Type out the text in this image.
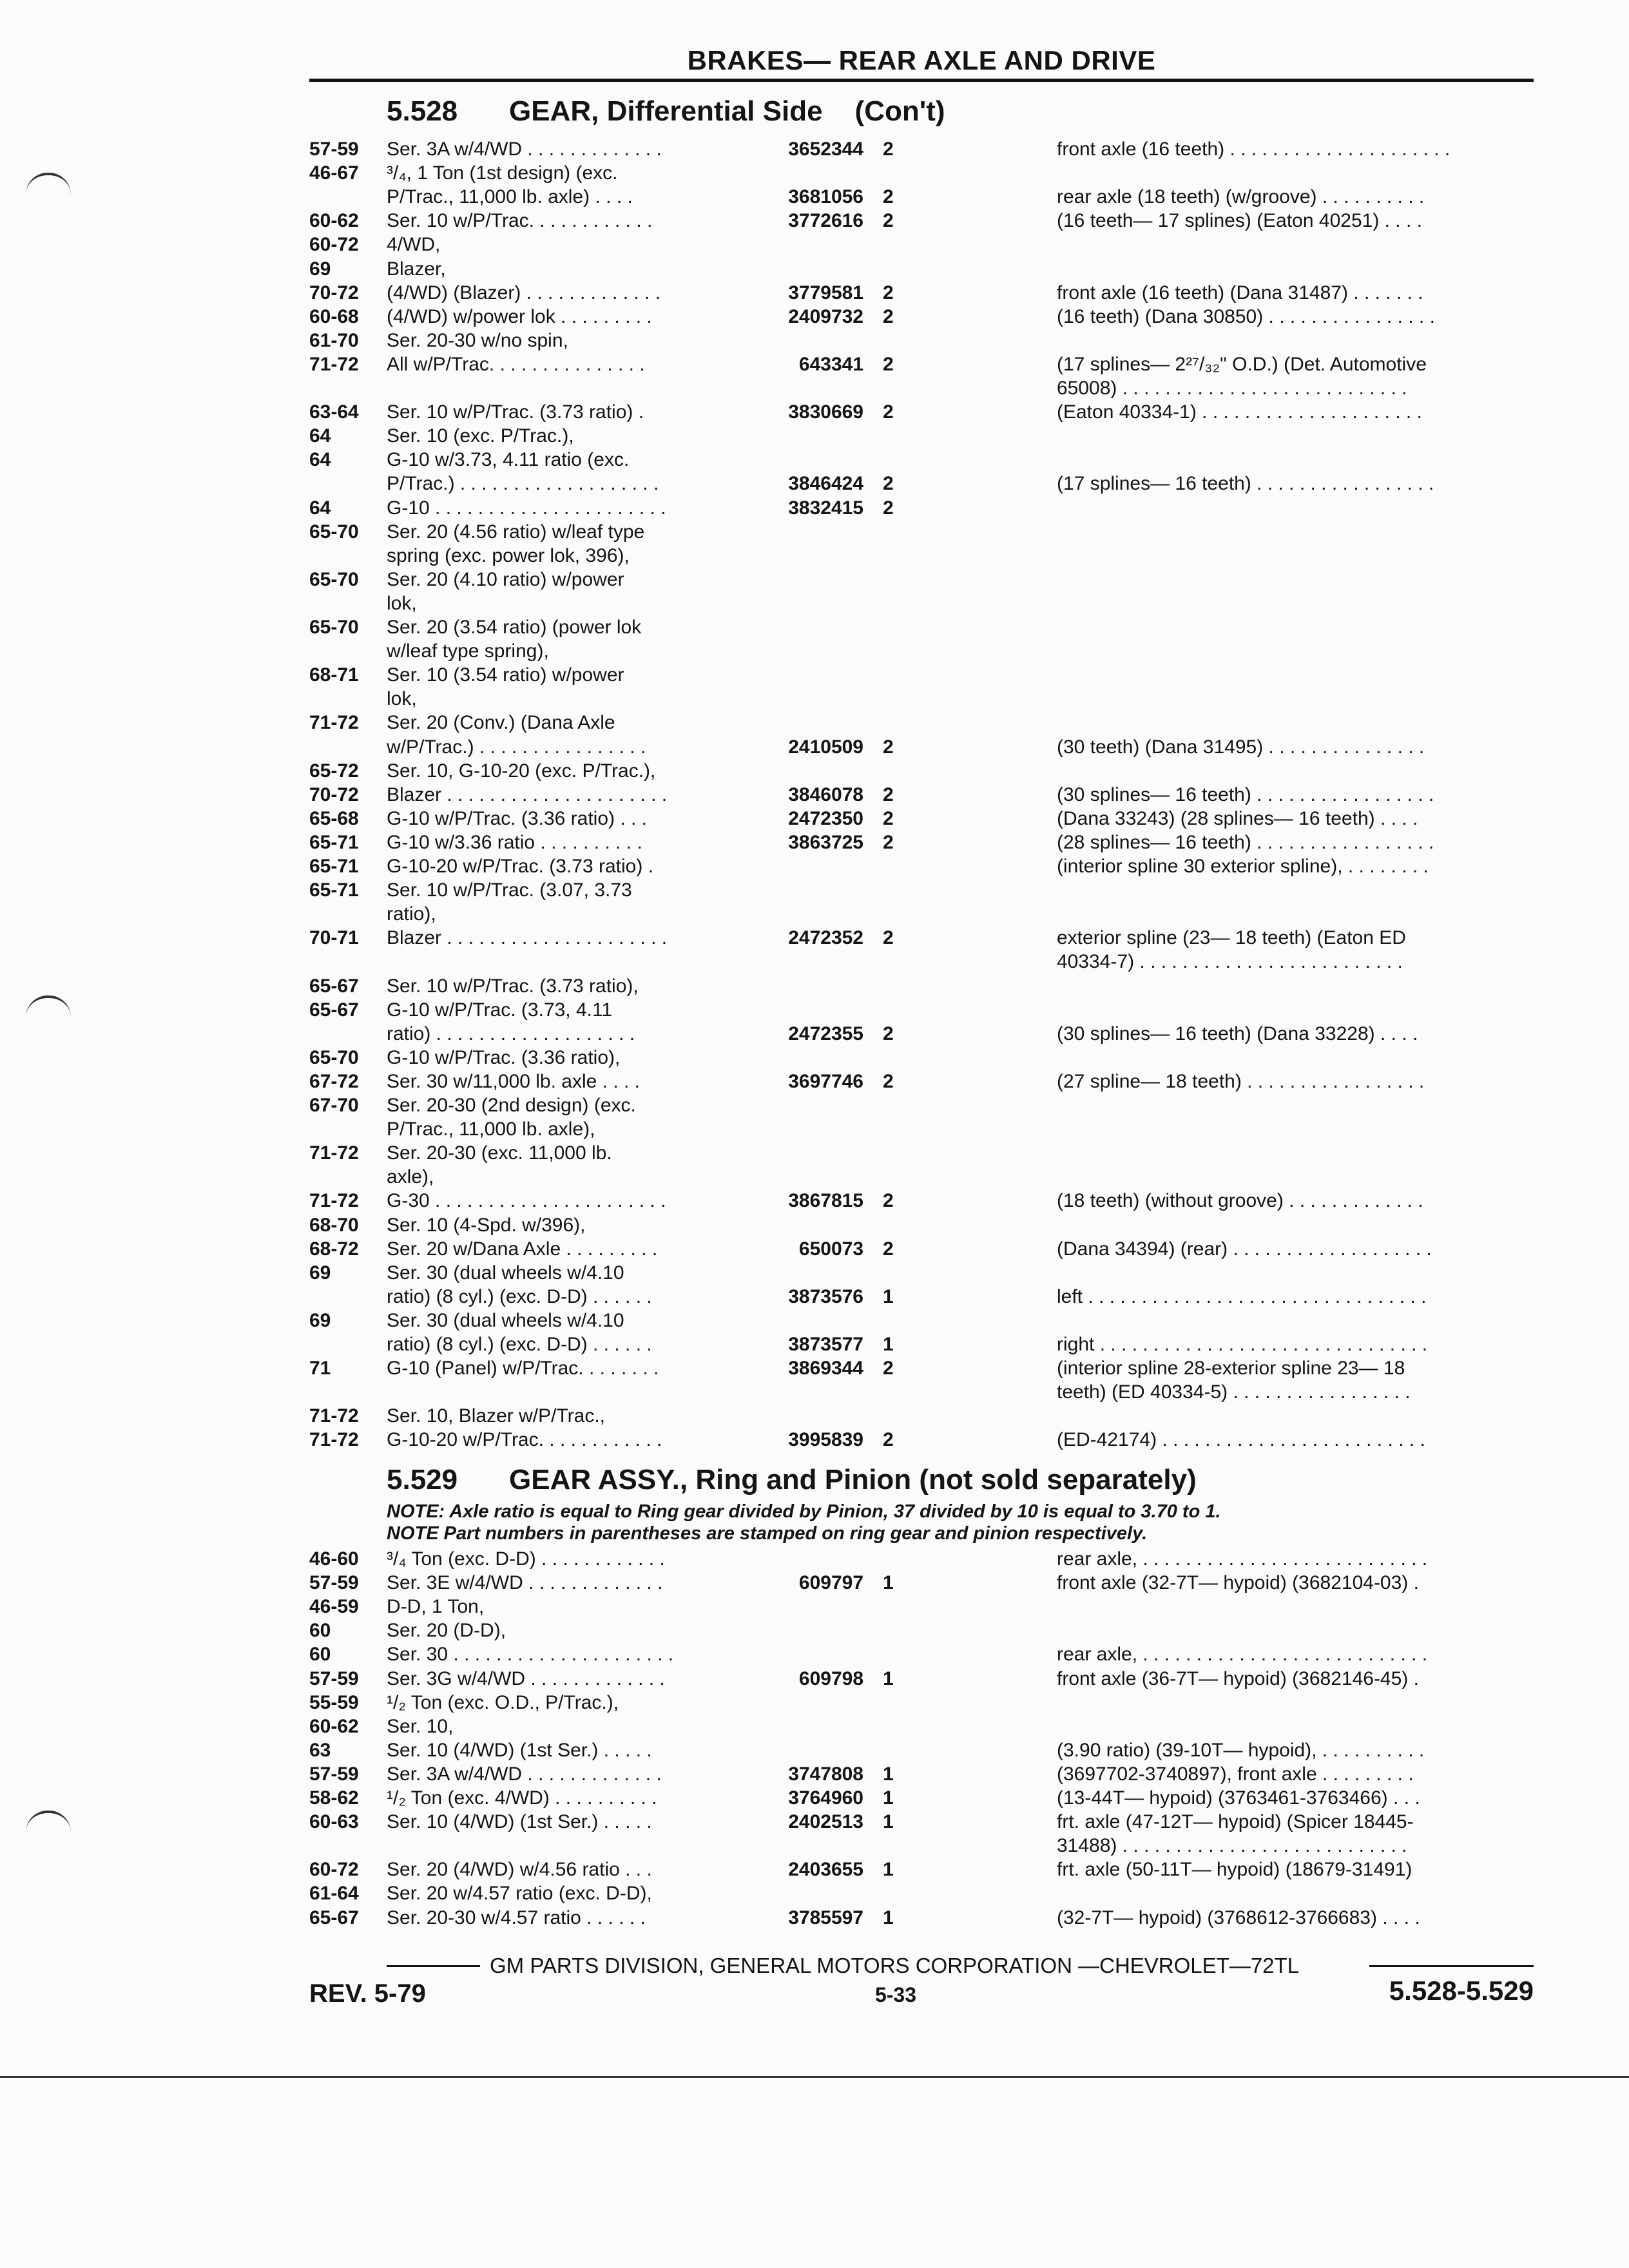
BRAKES— REAR AXLE AND DRIVE
5.528 GEAR, Differential Side (Con't)
57-59	Ser. 3A w/4/WD . . . . . . . . . . . . .	3652344 2	front axle (16 teeth) . . . . . . . . . . . . . . . . . . . . .
46-67	³/₄, 1 Ton (1st design) (exc.
P/Trac., 11,000 lb. axle) . . . .	3681056 2	rear axle (18 teeth) (w/groove) . . . . . . . . . .
60-62	Ser. 10 w/P/Trac. . . . . . . . . . . .	3772616 2	(16 teeth— 17 splines) (Eaton 40251) . . . .
60-72	4/WD,
69	Blazer,
70-72	(4/WD) (Blazer) . . . . . . . . . . . . .	3779581 2	front axle (16 teeth) (Dana 31487) . . . . . . .
60-68	(4/WD) w/power lok . . . . . . . . .	2409732 2	(16 teeth) (Dana 30850) . . . . . . . . . . . . . . . .
61-70	Ser. 20-30 w/no spin,
71-72	All w/P/Trac. . . . . . . . . . . . . . .	643341 2	(17 splines— 2²⁷/₃₂" O.D.) (Det. Automotive
65008) . . . . . . . . . . . . . . . . . . . . . . . . . . .
63-64	Ser. 10 w/P/Trac. (3.73 ratio) .	3830669 2	(Eaton 40334-1) . . . . . . . . . . . . . . . . . . . . .
64	Ser. 10 (exc. P/Trac.),
64	G-10 w/3.73, 4.11 ratio (exc.
P/Trac.) . . . . . . . . . . . . . . . . . . .	3846424 2	(17 splines— 16 teeth) . . . . . . . . . . . . . . . . .
64	G-10 . . . . . . . . . . . . . . . . . . . . . .	3832415 2
65-70	Ser. 20 (4.56 ratio) w/leaf type
spring (exc. power lok, 396),
65-70	Ser. 20 (4.10 ratio) w/power
lok,
65-70	Ser. 20 (3.54 ratio) (power lok
w/leaf type spring),
68-71	Ser. 10 (3.54 ratio) w/power
lok,
71-72	Ser. 20 (Conv.) (Dana Axle
w/P/Trac.) . . . . . . . . . . . . . . . .	2410509 2	(30 teeth) (Dana 31495) . . . . . . . . . . . . . . .
65-72	Ser. 10, G-10-20 (exc. P/Trac.),
70-72	Blazer . . . . . . . . . . . . . . . . . . . . .	3846078 2	(30 splines— 16 teeth) . . . . . . . . . . . . . . . . .
65-68	G-10 w/P/Trac. (3.36 ratio) . . .	2472350 2	(Dana 33243) (28 splines— 16 teeth) . . . .
65-71	G-10 w/3.36 ratio . . . . . . . . . .	3863725 2	(28 splines— 16 teeth) . . . . . . . . . . . . . . . . .
65-71	G-10-20 w/P/Trac. (3.73 ratio) .	(interior spline 30 exterior spline), . . . . . . . .
65-71	Ser. 10 w/P/Trac. (3.07, 3.73
ratio),
70-71	Blazer . . . . . . . . . . . . . . . . . . . . .	2472352 2	exterior spline (23— 18 teeth) (Eaton ED
40334-7) . . . . . . . . . . . . . . . . . . . . . . . . .
65-67	Ser. 10 w/P/Trac. (3.73 ratio),
65-67	G-10 w/P/Trac. (3.73, 4.11
ratio) . . . . . . . . . . . . . . . . . . .	2472355 2	(30 splines— 16 teeth) (Dana 33228) . . . .
65-70	G-10 w/P/Trac. (3.36 ratio),
67-72	Ser. 30 w/11,000 lb. axle . . . .	3697746 2	(27 spline— 18 teeth) . . . . . . . . . . . . . . . . .
67-70	Ser. 20-30 (2nd design) (exc.
P/Trac., 11,000 lb. axle),
71-72	Ser. 20-30 (exc. 11,000 lb.
axle),
71-72	G-30 . . . . . . . . . . . . . . . . . . . . . .	3867815 2	(18 teeth) (without groove) . . . . . . . . . . . . .
68-70	Ser. 10 (4-Spd. w/396),
68-72	Ser. 20 w/Dana Axle . . . . . . . . .	650073 2	(Dana 34394) (rear) . . . . . . . . . . . . . . . . . . .
69	Ser. 30 (dual wheels w/4.10
ratio) (8 cyl.) (exc. D-D) . . . . . .	3873576 1	left . . . . . . . . . . . . . . . . . . . . . . . . . . . . . . . .
69	Ser. 30 (dual wheels w/4.10
ratio) (8 cyl.) (exc. D-D) . . . . . .	3873577 1	right . . . . . . . . . . . . . . . . . . . . . . . . . . . . . . .
71	G-10 (Panel) w/P/Trac. . . . . . . .	3869344 2	(interior spline 28-exterior spline 23— 18
teeth) (ED 40334-5) . . . . . . . . . . . . . . . . .
71-72	Ser. 10, Blazer w/P/Trac.,
71-72	G-10-20 w/P/Trac. . . . . . . . . . . .	3995839 2	(ED-42174) . . . . . . . . . . . . . . . . . . . . . . . . .
5.529 GEAR ASSY., Ring and Pinion (not sold separately)
NOTE: Axle ratio is equal to Ring gear divided by Pinion, 37 divided by 10 is equal to 3.70 to 1.
NOTE Part numbers in parentheses are stamped on ring gear and pinion respectively.
46-60	³/₄ Ton (exc. D-D) . . . . . . . . . . . .	rear axle, . . . . . . . . . . . . . . . . . . . . . . . . . . .
57-59	Ser. 3E w/4/WD . . . . . . . . . . . . .	609797 1	front axle (32-7T— hypoid) (3682104-03) .
46-59	D-D, 1 Ton,
60	Ser. 20 (D-D),
60	Ser. 30 . . . . . . . . . . . . . . . . . . . . .	rear axle, . . . . . . . . . . . . . . . . . . . . . . . . . . .
57-59	Ser. 3G w/4/WD . . . . . . . . . . . . .	609798 1	front axle (36-7T— hypoid) (3682146-45) .
55-59	¹/₂ Ton (exc. O.D., P/Trac.),
60-62	Ser. 10,
63	Ser. 10 (4/WD) (1st Ser.) . . . . .	(3.90 ratio) (39-10T— hypoid), . . . . . . . . . .
57-59	Ser. 3A w/4/WD . . . . . . . . . . . . .	3747808 1	(3697702-3740897), front axle . . . . . . . . .
58-62	¹/₂ Ton (exc. 4/WD) . . . . . . . . . .	3764960 1	(13-44T— hypoid) (3763461-3763466) . . .
60-63	Ser. 10 (4/WD) (1st Ser.) . . . . .	2402513 1	frt. axle (47-12T— hypoid) (Spicer 18445-
31488) . . . . . . . . . . . . . . . . . . . . . . . . . . .
60-72	Ser. 20 (4/WD) w/4.56 ratio . . .	2403655 1	frt. axle (50-11T— hypoid) (18679-31491)
61-64	Ser. 20 w/4.57 ratio (exc. D-D),
65-67	Ser. 20-30 w/4.57 ratio . . . . . .	3785597 1	(32-7T— hypoid) (3768612-3766683) . . . .
GM PARTS DIVISION, GENERAL MOTORS CORPORATION —CHEVROLET—72TL
REV. 5-79	5-33	5.528-5.529
